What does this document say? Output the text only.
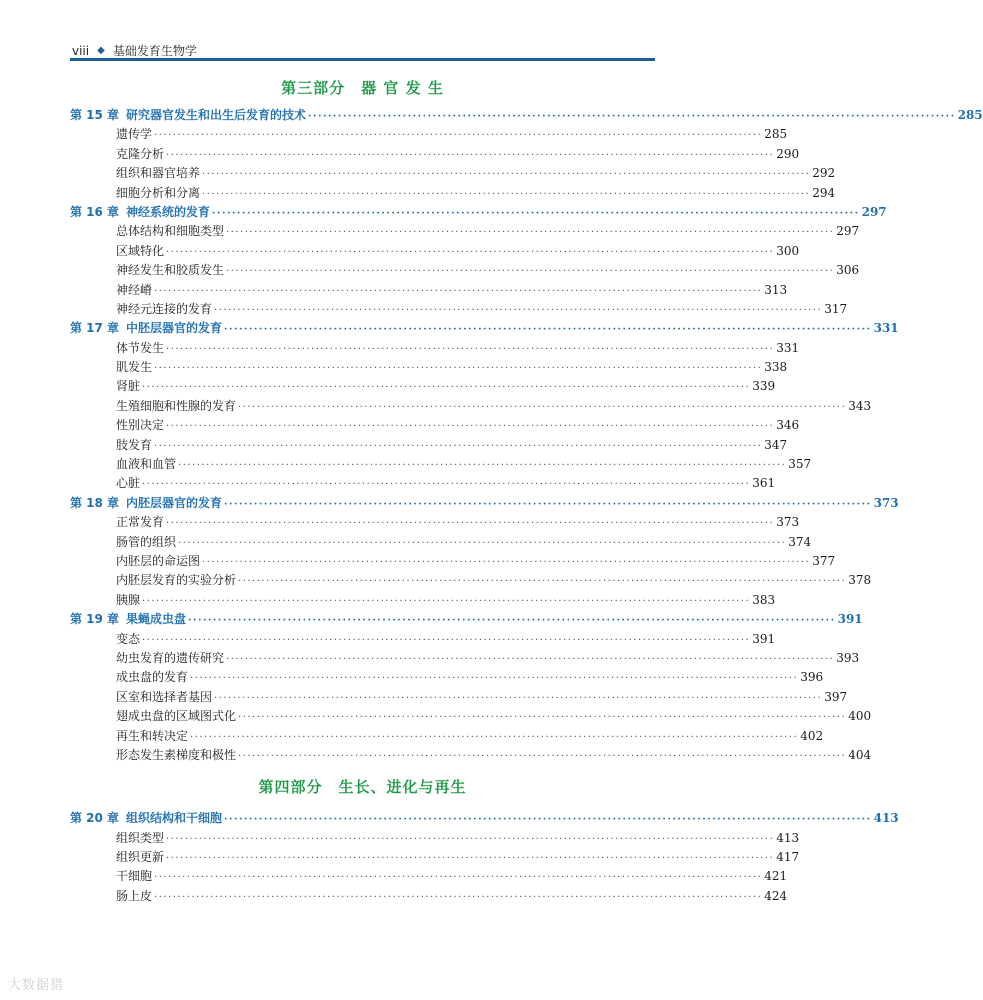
viii ◆ 基础发育生物学
第三部分　器 官 发 生
第 15 章 研究器官发生和出生后发育的技术 ·································································································································· 285
遗传学 ·································································································································· 285
克隆分析 ·································································································································· 290
组织和器官培养 ·································································································································· 292
细胞分析和分离 ·································································································································· 294
第 16 章 神经系统的发育 ·································································································································· 297
总体结构和细胞类型 ·································································································································· 297
区域特化 ·································································································································· 300
神经发生和胶质发生 ·································································································································· 306
神经嵴 ·································································································································· 313
神经元连接的发育 ·································································································································· 317
第 17 章 中胚层器官的发育 ·································································································································· 331
体节发生 ·································································································································· 331
肌发生 ·································································································································· 338
肾脏 ·································································································································· 339
生殖细胞和性腺的发育 ·································································································································· 343
性别决定 ·································································································································· 346
肢发育 ·································································································································· 347
血液和血管 ·································································································································· 357
心脏 ·································································································································· 361
第 18 章 内胚层器官的发育 ·································································································································· 373
正常发育 ·································································································································· 373
肠管的组织 ·································································································································· 374
内胚层的命运图 ·································································································································· 377
内胚层发育的实验分析 ·································································································································· 378
胰腺 ·································································································································· 383
第 19 章 果蝇成虫盘 ·································································································································· 391
变态 ·································································································································· 391
幼虫发育的遗传研究 ·································································································································· 393
成虫盘的发育 ·································································································································· 396
区室和选择者基因 ·································································································································· 397
翅成虫盘的区域图式化 ·································································································································· 400
再生和转决定 ·································································································································· 402
形态发生素梯度和极性 ·································································································································· 404
第四部分　生长、进化与再生
第 20 章 组织结构和干细胞 ·································································································································· 413
组织类型 ·································································································································· 413
组织更新 ·································································································································· 417
干细胞 ·································································································································· 421
肠上皮 ·································································································································· 424
大数据猎
